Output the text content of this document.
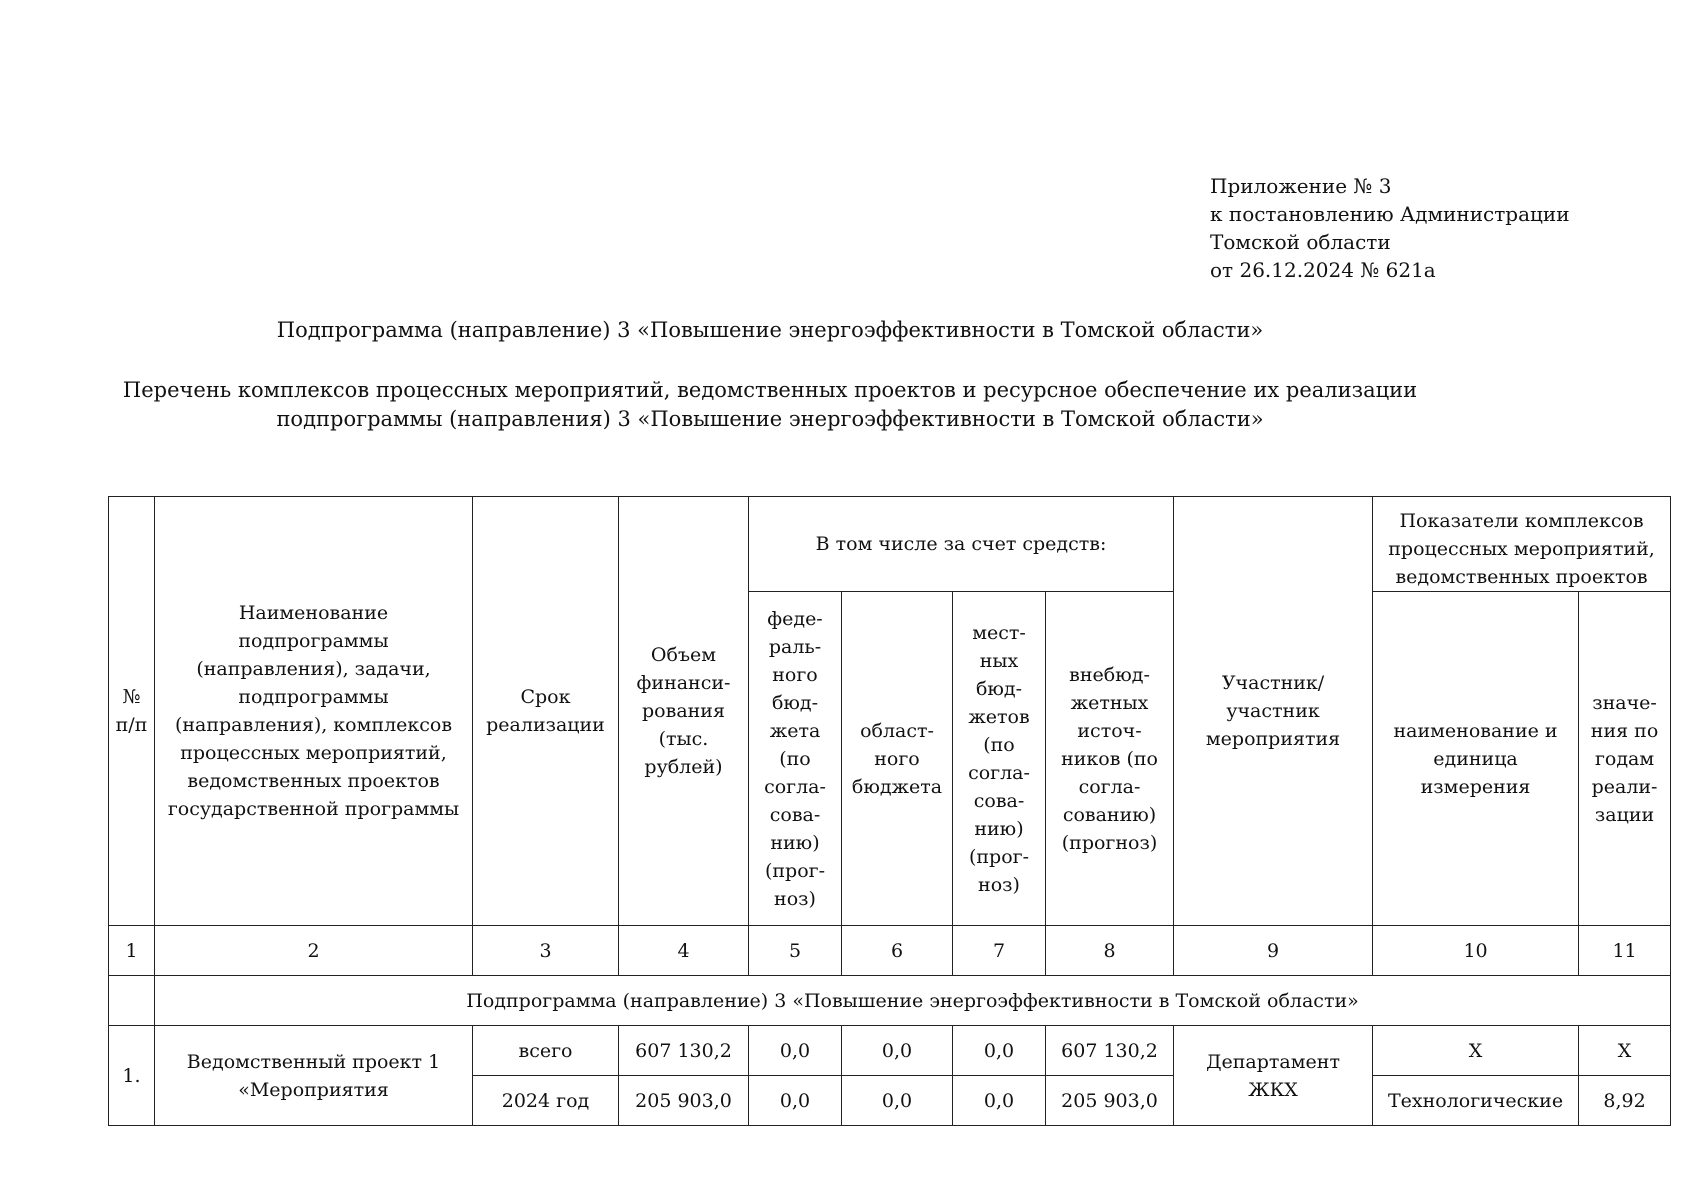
Приложение № 3
к постановлению Администрации
Томской области
от 26.12.2024 № 621а
Подпрограмма (направление) 3 «Повышение энергоэффективности в Томской области»
Перечень комплексов процессных мероприятий, ведомственных проектов и ресурсное обеспечение их реализации
подпрограммы (направления) 3 «Повышение энергоэффективности в Томской области»
№ п/п	Наименование подпрограммы (направления), задачи, подпрограммы (направления), комплексов процессных мероприятий, ведомственных проектов государственной программы	Срок реализации	Объем финанси- рования (тыс. рублей)	В том числе за счет средств:				Участник/ участник мероприятия	Показатели комплексов процессных мероприятий, ведомственных проектов	
				феде- раль- ного бюд- жета (по согла- сова- нию) (прог- ноз)	област- ного бюджета	мест- ных бюд- жетов (по согла- сова- нию) (прог- ноз)	внебюд- жетных источ- ников (по согла- сованию) (прогноз)		наименование и единица измерения	значе- ния по годам реали- зации
1	2	3	4	5	6	7	8	9	10	11
	Подпрограмма (направление) 3 «Повышение энергоэффективности в Томской области»									
1.	Ведомственный проект 1 «Мероприятия	всего	607 130,2	0,0	0,0	0,0	607 130,2	Департамент ЖКХ	Х	Х
		2024 год	205 903,0	0,0	0,0	0,0	205 903,0		Технологические	8,92
